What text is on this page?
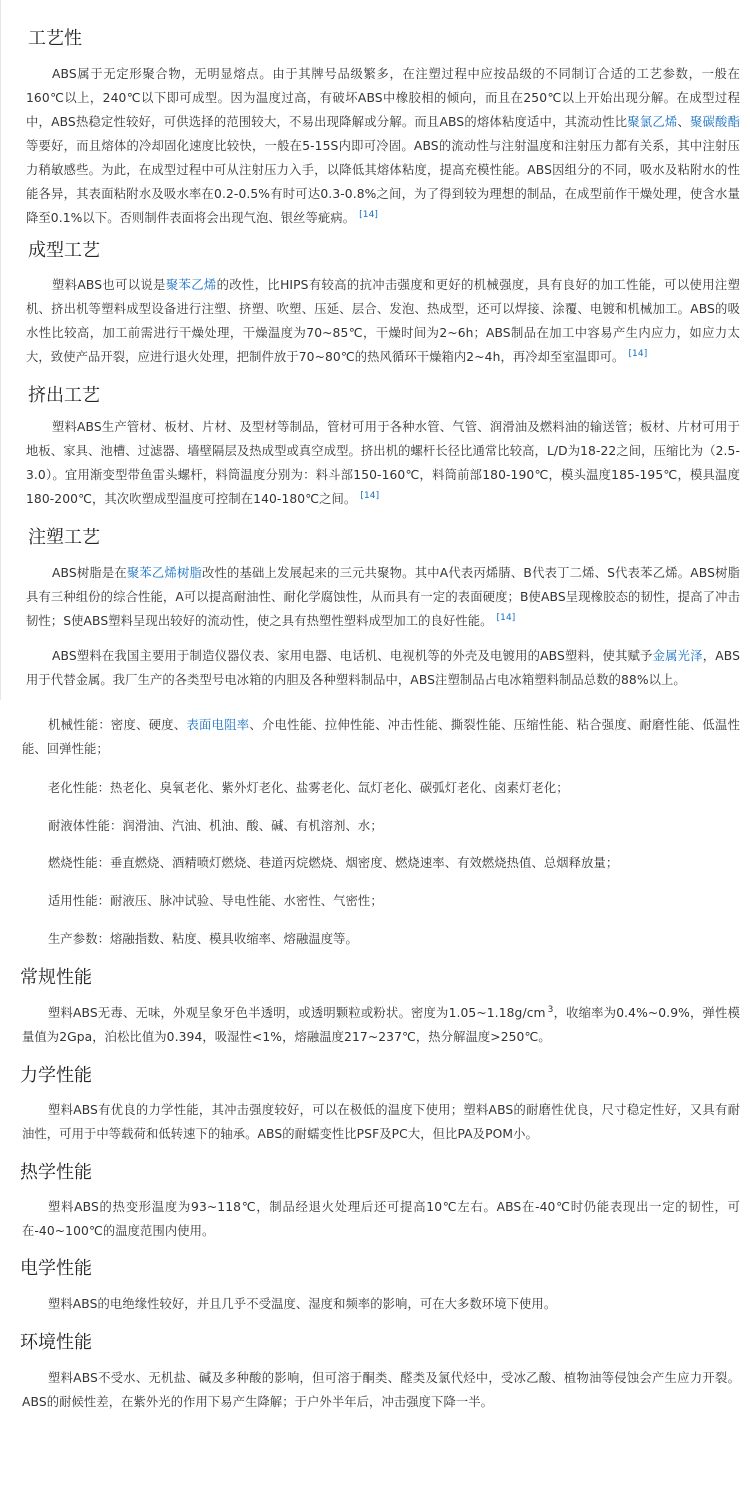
工艺性

ABS属于无定形聚合物，无明显熔点。由于其牌号品级繁多，在注塑过程中应按品级的不同制订合适的工艺参数，一般在160℃以上，240℃以下即可成型。因为温度过高，有破坏ABS中橡胶相的倾向，而且在250℃以上开始出现分解。在成型过程中，ABS热稳定性较好，可供选择的范围较大，不易出现降解或分解。而且ABS的熔体粘度适中，其流动性比聚氯乙烯、聚碳酸酯等要好，而且熔体的冷却固化速度比较快，一般在5-15S内即可冷固。ABS的流动性与注射温度和注射压力都有关系，其中注射压力稍敏感些。为此，在成型过程中可从注射压力入手，以降低其熔体粘度，提高充模性能。ABS因组分的不同，吸水及粘附水的性能各异，其表面粘附水及吸水率在0.2-0.5%有时可达0.3-0.8%之间，为了得到较为理想的制品，在成型前作干燥处理，使含水量降至0.1%以下。否则制件表面将会出现气泡、银丝等疵病。 [14]

成型工艺

塑料ABS也可以说是聚苯乙烯的改性，比HIPS有较高的抗冲击强度和更好的机械强度，具有良好的加工性能，可以使用注塑机、挤出机等塑料成型设备进行注塑、挤塑、吹塑、压延、层合、发泡、热成型，还可以焊接、涂覆、电镀和机械加工。ABS的吸水性比较高，加工前需进行干燥处理，干燥温度为70~85℃，干燥时间为2~6h；ABS制品在加工中容易产生内应力，如应力太大，致使产品开裂，应进行退火处理，把制件放于70~80℃的热风循环干燥箱内2~4h，再冷却至室温即可。 [14]

挤出工艺

塑料ABS生产管材、板材、片材、及型材等制品，管材可用于各种水管、气管、润滑油及燃料油的输送管；板材、片材可用于地板、家具、池槽、过滤器、墙壁隔层及热成型或真空成型。挤出机的螺杆长径比通常比较高，L/D为18-22之间，压缩比为（2.5-3.0）。宜用渐变型带鱼雷头螺杆，料筒温度分别为：料斗部150-160℃，料筒前部180-190℃，模头温度185-195℃，模具温度180-200℃，其次吹塑成型温度可控制在140-180℃之间。 [14]

注塑工艺

ABS树脂是在聚苯乙烯树脂改性的基础上发展起来的三元共聚物。其中A代表丙烯腈、B代表丁二烯、S代表苯乙烯。ABS树脂具有三种组份的综合性能，A可以提高耐油性、耐化学腐蚀性，从而具有一定的表面硬度；B使ABS呈现橡胶态的韧性，提高了冲击韧性；S使ABS塑料呈现出较好的流动性，使之具有热塑性塑料成型加工的良好性能。 [14]

ABS塑料在我国主要用于制造仪器仪表、家用电器、电话机、电视机等的外壳及电镀用的ABS塑料，使其赋予金属光泽，ABS用于代替金属。我厂生产的各类型号电冰箱的内胆及各种塑料制品中，ABS注塑制品占电冰箱塑料制品总数的88%以上。

机械性能：密度、硬度、表面电阻率、介电性能、拉伸性能、冲击性能、撕裂性能、压缩性能、粘合强度、耐磨性能、低温性能、回弹性能；

老化性能：热老化、臭氧老化、紫外灯老化、盐雾老化、氙灯老化、碳弧灯老化、卤素灯老化；

耐液体性能：润滑油、汽油、机油、酸、碱、有机溶剂、水；

燃烧性能：垂直燃烧、酒精喷灯燃烧、巷道丙烷燃烧、烟密度、燃烧速率、有效燃烧热值、总烟释放量；

适用性能：耐液压、脉冲试验、导电性能、水密性、气密性；

生产参数：熔融指数、粘度、模具收缩率、熔融温度等。

常规性能

塑料ABS无毒、无味，外观呈象牙色半透明，或透明颗粒或粉状。密度为1.05~1.18g/cm $^3$，收缩率为0.4%~0.9%，弹性模量值为2Gpa，泊松比值为0.394，吸湿性<1%，熔融温度217~237℃，热分解温度>250℃。

力学性能

塑料ABS有优良的力学性能，其冲击强度较好，可以在极低的温度下使用；塑料ABS的耐磨性优良，尺寸稳定性好，又具有耐油性，可用于中等载荷和低转速下的轴承。ABS的耐蠕变性比PSF及PC大，但比PA及POM小。

热学性能

塑料ABS的热变形温度为93~118℃，制品经退火处理后还可提高10℃左右。ABS在-40℃时仍能表现出一定的韧性，可在-40~100℃的温度范围内使用。

电学性能

塑料ABS的电绝缘性较好，并且几乎不受温度、湿度和频率的影响，可在大多数环境下使用。

环境性能

塑料ABS不受水、无机盐、碱及多种酸的影响，但可溶于酮类、醛类及氯代烃中，受冰乙酸、植物油等侵蚀会产生应力开裂。ABS的耐候性差，在紫外光的作用下易产生降解；于户外半年后，冲击强度下降一半。
